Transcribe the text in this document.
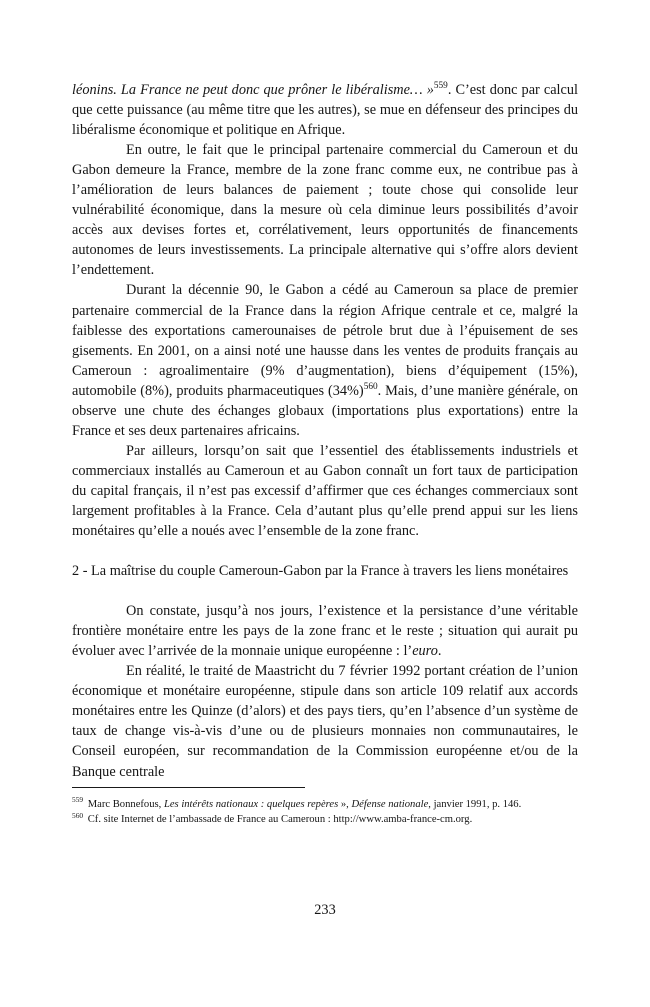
léonins. La France ne peut donc que prôner le libéralisme… »$^{559}$. C’est donc par calcul que cette puissance (au même titre que les autres), se mue en défenseur des principes du libéralisme économique et politique en Afrique.

En outre, le fait que le principal partenaire commercial du Cameroun et du Gabon demeure la France, membre de la zone franc comme eux, ne contribue pas à l’amélioration de leurs balances de paiement ; toute chose qui consolide leur vulnérabilité économique, dans la mesure où cela diminue leurs possibilités d’avoir accès aux devises fortes et, corrélativement, leurs opportunités de financements autonomes de leurs investissements. La principale alternative qui s’offre alors devient l’endettement.

Durant la décennie 90, le Gabon a cédé au Cameroun sa place de premier partenaire commercial de la France dans la région Afrique centrale et ce, malgré la faiblesse des exportations camerounaises de pétrole brut due à l’épuisement de ses gisements. En 2001, on a ainsi noté une hausse dans les ventes de produits français au Cameroun : agroalimentaire (9% d’augmentation), biens d’équipement (15%), automobile (8%), produits pharmaceutiques (34%)$^{560}$. Mais, d’une manière générale, on observe une chute des échanges globaux (importations plus exportations) entre la France et ses deux partenaires africains.

Par ailleurs, lorsqu’on sait que l’essentiel des établissements industriels et commerciaux installés au Cameroun et au Gabon connaît un fort taux de participation du capital français, il n’est pas excessif d’affirmer que ces échanges commerciaux sont largement profitables à la France. Cela d’autant plus qu’elle prend appui sur les liens monétaires qu’elle a noués avec l’ensemble de la zone franc.

2 - La maîtrise du couple Cameroun-Gabon par la France à travers les liens monétaires

On constate, jusqu’à nos jours, l’existence et la persistance d’une véritable frontière monétaire entre les pays de la zone franc et le reste ; situation qui aurait pu évoluer avec l’arrivée de la monnaie unique européenne : l’euro.

En réalité, le traité de Maastricht du 7 février 1992 portant création de l’union économique et monétaire européenne, stipule dans son article 109 relatif aux accords monétaires entre les Quinze (d’alors) et des pays tiers, qu’en l’absence d’un système de taux de change vis-à-vis d’une ou de plusieurs monnaies non communautaires, le Conseil européen, sur recommandation de la Commission européenne et/ou de la Banque centrale

$^{559}$ Marc Bonnefous, Les intérêts nationaux : quelques repères », Défense nationale, janvier 1991, p. 146.

$^{560}$ Cf. site Internet de l’ambassade de France au Cameroun : http://www.amba-france-cm.org.

233
